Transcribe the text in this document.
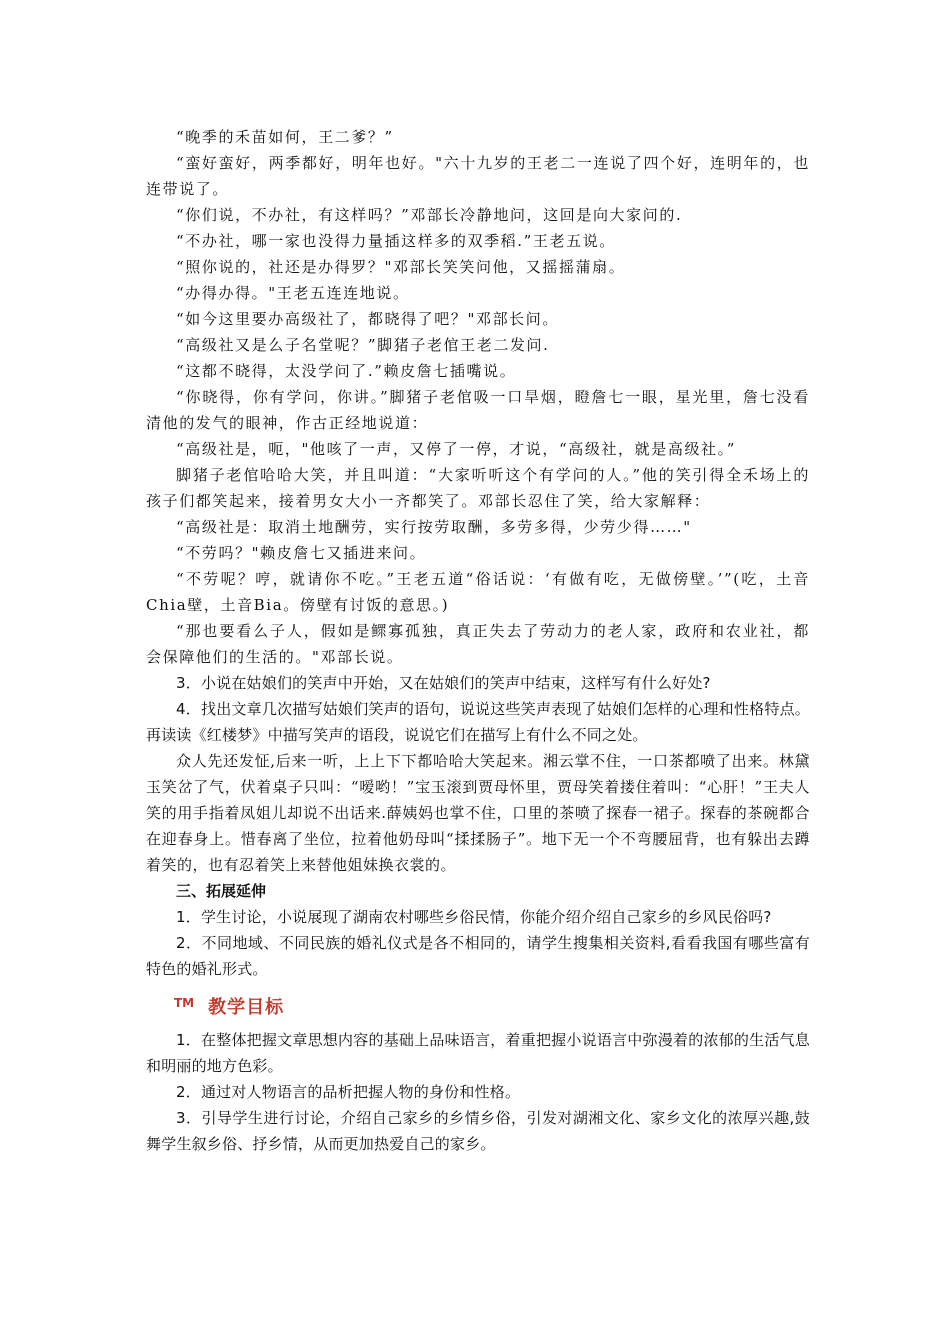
“晚季的禾苗如何，王二爹？”

“蛮好蛮好，两季都好，明年也好。"六十九岁的王老二一连说了四个好，连明年的，也连带说了。

“你们说，不办社，有这样吗？”邓部长冷静地问，这回是向大家问的.

“不办社，哪一家也没得力量插这样多的双季稻.”王老五说。

“照你说的，社还是办得罗？"邓部长笑笑问他，又摇摇蒲扇。

“办得办得。"王老五连连地说。

“如今这里要办高级社了，都晓得了吧？"邓部长问。

“高级社又是么子名堂呢？”脚猪子老倌王老二发问.

“这都不晓得，太没学问了.”赖皮詹七插嘴说。

“你晓得，你有学问，你讲。”脚猪子老倌吸一口旱烟，瞪詹七一眼，星光里，詹七没看清他的发气的眼神，作古正经地说道：

“高级社是，呃，"他咳了一声，又停了一停，才说，“高级社，就是高级社。”

脚猪子老倌哈哈大笑，并且叫道：“大家听听这个有学问的人。”他的笑引得全禾场上的孩子们都笑起来，接着男女大小一齐都笑了。邓部长忍住了笑，给大家解释：

“高级社是：取消土地酬劳，实行按劳取酬，多劳多得，少劳少得……"

“不劳吗？"赖皮詹七又插进来问。

“不劳呢？哼，就请你不吃。”王老五道“俗话说：‘有做有吃，无做傍壁。’”(吃，土音Chia壁，土音Bia。傍壁有讨饭的意思。)

“那也要看么子人，假如是鳏寡孤独，真正失去了劳动力的老人家，政府和农业社，都会保障他们的生活的。"邓部长说。

3．小说在姑娘们的笑声中开始，又在姑娘们的笑声中结束，这样写有什么好处?

4．找出文章几次描写姑娘们笑声的语句，说说这些笑声表现了姑娘们怎样的心理和性格特点。再读读《红楼梦》中描写笑声的语段，说说它们在描写上有什么不同之处。

众人先还发怔,后来一听，上上下下都哈哈大笑起来。湘云掌不住，一口茶都喷了出来。林黛玉笑岔了气，伏着桌子只叫：“嗳哟！”宝玉滚到贾母怀里，贾母笑着搂住着叫：“心肝！”王夫人笑的用手指着凤姐儿却说不出话来.薛姨妈也掌不住，口里的茶喷了探春一裙子。探春的茶碗都合在迎春身上。惜春离了坐位，拉着他奶母叫“揉揉肠子”。地下无一个不弯腰屈背，也有躲出去蹲着笑的，也有忍着笑上来替他姐妹换衣裳的。

三、拓展延伸

1．学生讨论，小说展现了湖南农村哪些乡俗民情，你能介绍介绍自己家乡的乡风民俗吗?

2．不同地域、不同民族的婚礼仪式是各不相同的，请学生搜集相关资料,看看我国有哪些富有特色的婚礼形式。

TM 教学目标

1．在整体把握文章思想内容的基础上品味语言，着重把握小说语言中弥漫着的浓郁的生活气息和明丽的地方色彩。

2．通过对人物语言的品析把握人物的身份和性格。

3．引导学生进行讨论，介绍自己家乡的乡情乡俗，引发对湖湘文化、家乡文化的浓厚兴趣,鼓舞学生叙乡俗、抒乡情，从而更加热爱自己的家乡。
